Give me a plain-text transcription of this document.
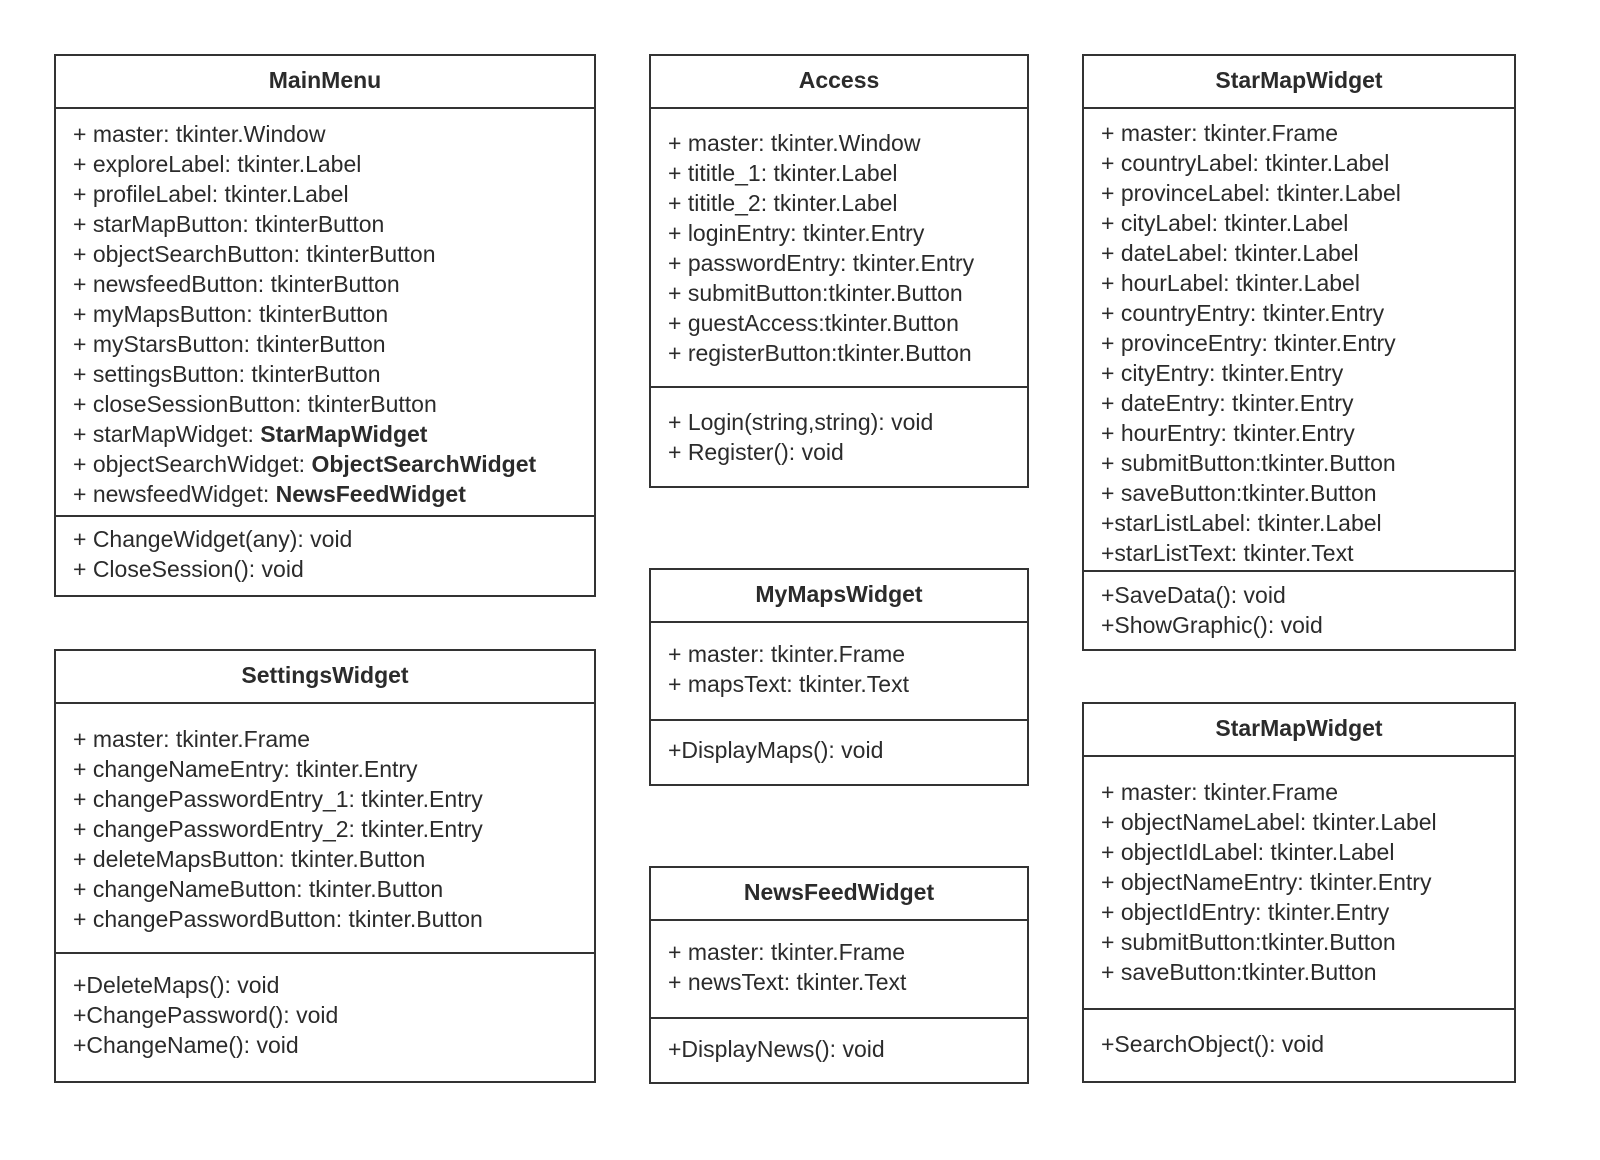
MainMenu
+ master: tkinter.Window
+ exploreLabel: tkinter.Label
+ profileLabel: tkinter.Label
+ starMapButton: tkinterButton
+ objectSearchButton: tkinterButton
+ newsfeedButton: tkinterButton
+ myMapsButton: tkinterButton
+ myStarsButton: tkinterButton
+ settingsButton: tkinterButton
+ closeSessionButton: tkinterButton
+ starMapWidget: StarMapWidget
+ objectSearchWidget: ObjectSearchWidget
+ newsfeedWidget: NewsFeedWidget
+ ChangeWidget(any): void
+ CloseSession(): void
SettingsWidget
+ master: tkinter.Frame
+ changeNameEntry: tkinter.Entry
+ changePasswordEntry_1: tkinter.Entry
+ changePasswordEntry_2: tkinter.Entry
+ deleteMapsButton: tkinter.Button
+ changeNameButton: tkinter.Button
+ changePasswordButton: tkinter.Button
+DeleteMaps(): void
+ChangePassword(): void
+ChangeName(): void
Access
+ master: tkinter.Window
+ tititle_1: tkinter.Label
+ tititle_2: tkinter.Label
+ loginEntry: tkinter.Entry
+ passwordEntry: tkinter.Entry
+ submitButton:tkinter.Button
+ guestAccess:tkinter.Button
+ registerButton:tkinter.Button
+ Login(string,string): void
+ Register(): void
MyMapsWidget
+ master: tkinter.Frame
+ mapsText: tkinter.Text
+DisplayMaps(): void
NewsFeedWidget
+ master: tkinter.Frame
+ newsText: tkinter.Text
+DisplayNews(): void
StarMapWidget
+ master: tkinter.Frame
+ countryLabel: tkinter.Label
+ provinceLabel: tkinter.Label
+ cityLabel: tkinter.Label
+ dateLabel: tkinter.Label
+ hourLabel: tkinter.Label
+ countryEntry: tkinter.Entry
+ provinceEntry: tkinter.Entry
+ cityEntry: tkinter.Entry
+ dateEntry: tkinter.Entry
+ hourEntry: tkinter.Entry
+ submitButton:tkinter.Button
+ saveButton:tkinter.Button
+starListLabel: tkinter.Label
+starListText: tkinter.Text
+SaveData(): void
+ShowGraphic(): void
StarMapWidget
+ master: tkinter.Frame
+ objectNameLabel: tkinter.Label
+ objectIdLabel: tkinter.Label
+ objectNameEntry: tkinter.Entry
+ objectIdEntry: tkinter.Entry
+ submitButton:tkinter.Button
+ saveButton:tkinter.Button
+SearchObject(): void
